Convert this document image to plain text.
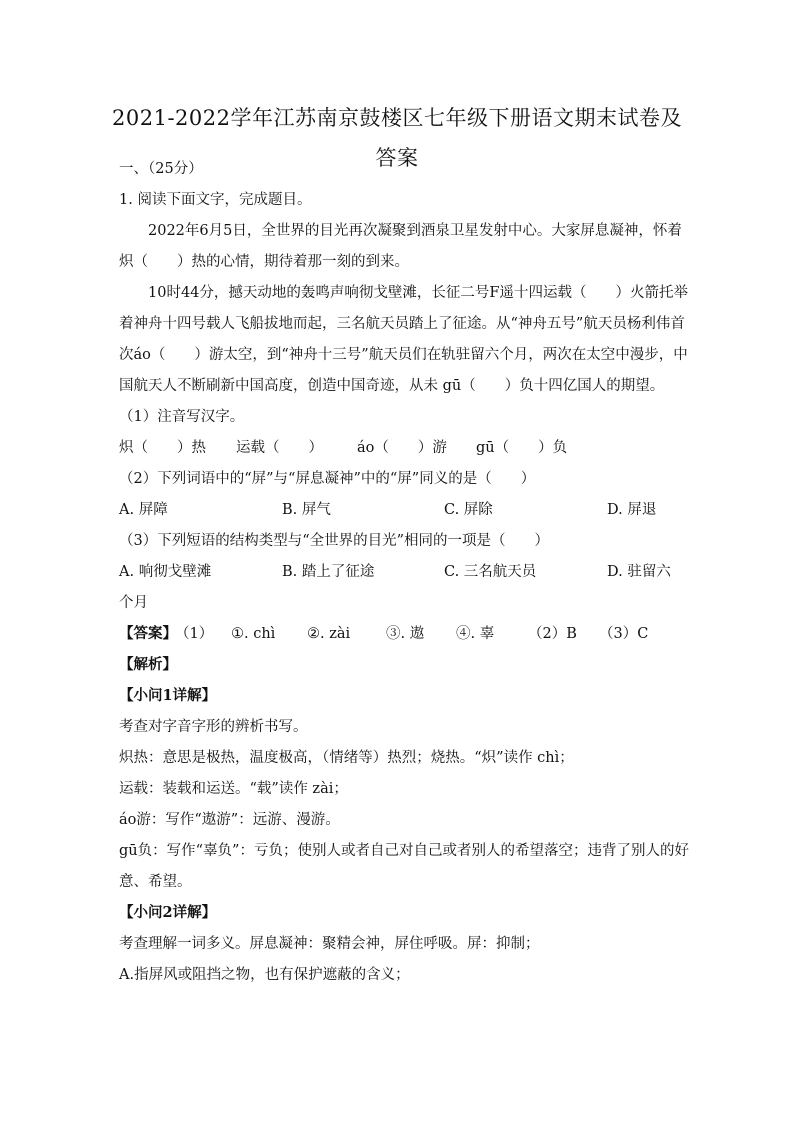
2021-2022学年江苏南京鼓楼区七年级下册语文期末试卷及
答案
一、（25分）
1. 阅读下面文字，完成题目。
2022年6月5日，全世界的目光再次凝聚到酒泉卫星发射中心。大家屏息凝神，怀着
炽（　　）热的心情，期待着那一刻的到来。
10时44分，撼天动地的轰鸣声响彻戈壁滩，长征二号F遥十四运载（　　）火箭托举
着神舟十四号载人飞船拔地而起，三名航天员踏上了征途。从“神舟五号”航天员杨利伟首
次áo（　　）游太空，到“神舟十三号”航天员们在轨驻留六个月，两次在太空中漫步，中
国航天人不断刷新中国高度，创造中国奇迹，从未 gū（　　）负十四亿国人的期望。
（1）注音写汉字。
炽（　　）热 运载（　　） áo（　　）游 gū（　　）负
（2）下列词语中的“屏”与“屏息凝神”中的“屏”同义的是（　　）
A. 屏障	B. 屏气	C. 屏除	D. 屏退
（3）下列短语的结构类型与“全世界的目光”相同的一项是（　　）
A. 响彻戈壁滩	B. 踏上了征途	C. 三名航天员	D. 驻留六
个月
【答案】
（1） ①. chì ②. zài ③. 遨 ④. 辜 （2）B （3）C
【解析】
【小问1详解】
考查对字音字形的辨析书写。
炽热：意思是极热，温度极高，（情绪等）热烈；烧热。“炽”读作 chì；
运载：装载和运送。“载”读作 zài；
áo游：写作“遨游”：远游、漫游。
gū负：写作“辜负”：亏负；使别人或者自己对自己或者别人的希望落空；违背了别人的好
意、希望。
【小问2详解】
考查理解一词多义。屏息凝神：聚精会神，屏住呼吸。屏：抑制；
A.指屏风或阻挡之物，也有保护遮蔽的含义；
